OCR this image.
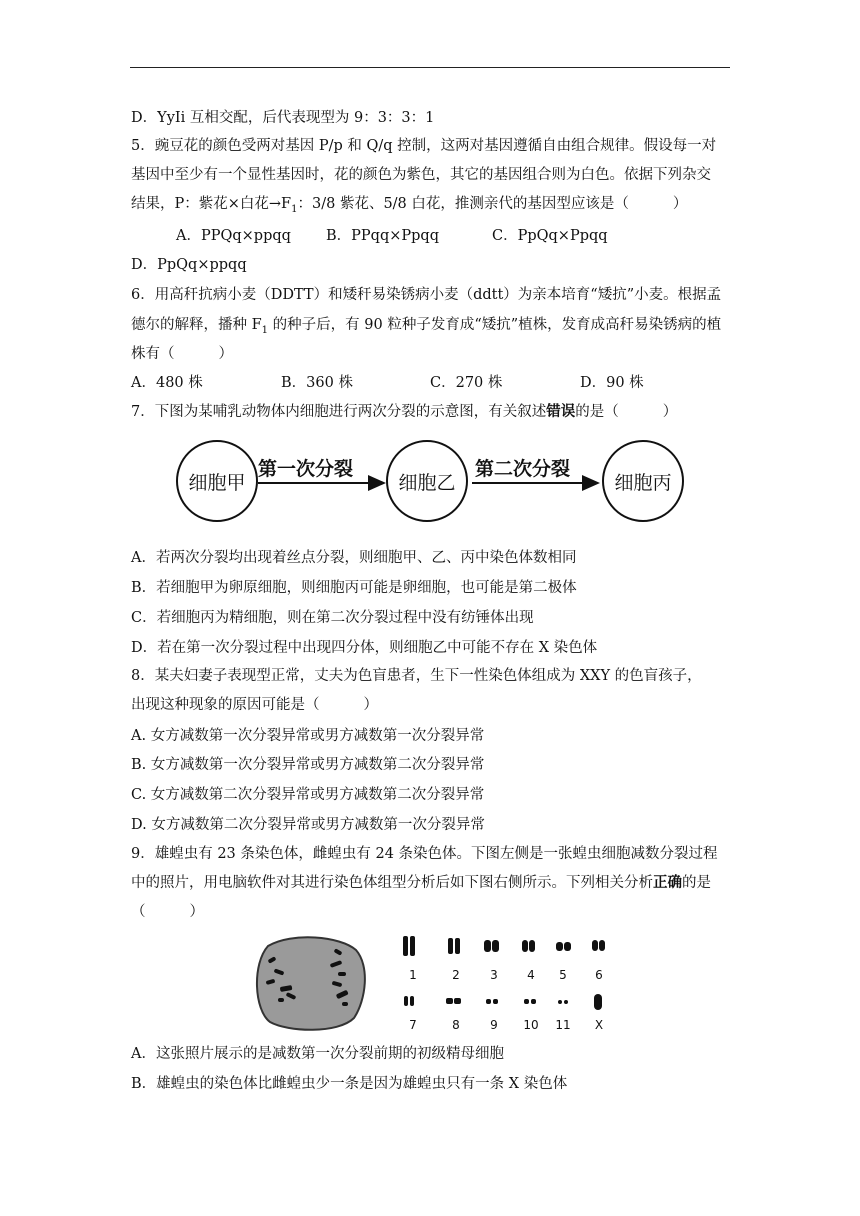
D．YyIi 互相交配，后代表现型为 9：3：3：1
5．豌豆花的颜色受两对基因 P/p 和 Q/q 控制，这两对基因遵循自由组合规律。假设每一对
基因中至少有一个显性基因时，花的颜色为紫色，其它的基因组合则为白色。依据下列杂交
结果，P：紫花×白花$\to F_1$：3/8 紫花、5/8 白花，推测亲代的基因型应该是（	）
A．PPQq×ppqq B．PPqq×Ppqq	C．PpQq×Ppqq
D．PpQq×ppqq
6．用高秆抗病小麦（DDTT）和矮秆易染锈病小麦（ddtt）为亲本培育“矮抗”小麦。根据孟
德尔的解释，播种 $F_1$ 的种子后，有 90 粒种子发育成“矮抗”植株，发育成高秆易染锈病的植
株有（	）
A．480 株	B．360 株	C．270 株	D．90 株
7．下图为某哺乳动物体内细胞进行两次分裂的示意图，有关叙述错误的是（	）
细胞甲
第一次分裂
细胞乙
第二次分裂
细胞丙
A．若两次分裂均出现着丝点分裂，则细胞甲、乙、丙中染色体数相同
B．若细胞甲为卵原细胞，则细胞丙可能是卵细胞，也可能是第二极体
C．若细胞丙为精细胞，则在第二次分裂过程中没有纺锤体出现
D．若在第一次分裂过程中出现四分体，则细胞乙中可能不存在 X 染色体
8．某夫妇妻子表现型正常，丈夫为色盲患者，生下一性染色体组成为 XXY 的色盲孩子，
出现这种现象的原因可能是（	）
A. 女方减数第一次分裂异常或男方减数第一次分裂异常
B. 女方减数第一次分裂异常或男方减数第二次分裂异常
C. 女方减数第二次分裂异常或男方减数第二次分裂异常
D. 女方减数第二次分裂异常或男方减数第一次分裂异常
9．雄蝗虫有 23 条染色体，雌蝗虫有 24 条染色体。下图左侧是一张蝗虫细胞减数分裂过程
中的照片，用电脑软件对其进行染色体组型分析后如下图右侧所示。下列相关分析正确的是
（	）
1	2	3	4	5	6
7	8	9	10	11	X
A．这张照片展示的是减数第一次分裂前期的初级精母细胞
B．雄蝗虫的染色体比雌蝗虫少一条是因为雄蝗虫只有一条 X 染色体
